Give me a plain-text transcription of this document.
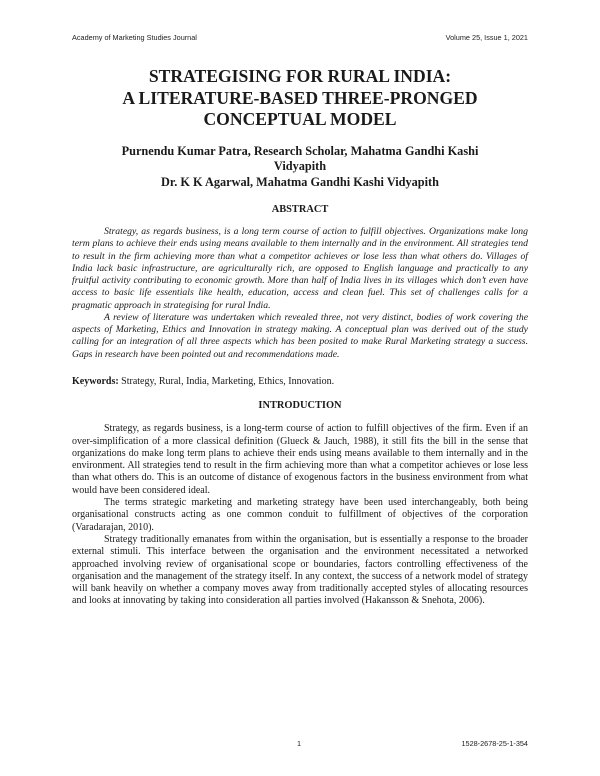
Academy of Marketing Studies Journal	Volume 25, Issue 1, 2021
STRATEGISING FOR RURAL INDIA:
A LITERATURE-BASED THREE-PRONGED
CONCEPTUAL MODEL
Purnendu Kumar Patra, Research Scholar, Mahatma Gandhi Kashi
Vidyapith
Dr. K K Agarwal, Mahatma Gandhi Kashi Vidyapith
ABSTRACT

Strategy, as regards business, is a long term course of action to fulfill objectives. Organizations make long term plans to achieve their ends using means available to them internally and in the environment. All strategies tend to result in the firm achieving more than what a competitor achieves or lose less than what others do. Villages of India lack basic infrastructure, are agriculturally rich, are opposed to English language and practically to any fruitful activity contributing to economic growth. More than half of India lives in its villages which don’t even have access to basic life essentials like health, education, access and clean fuel. This set of challenges calls for a pragmatic approach in strategising for rural India.

A review of literature was undertaken which revealed three, not very distinct, bodies of work covering the aspects of Marketing, Ethics and Innovation in strategy making. A conceptual plan was derived out of the study calling for an integration of all three aspects which has been posited to make Rural Marketing strategy a success. Gaps in research have been pointed out and recommendations made.

Keywords: Strategy, Rural, India, Marketing, Ethics, Innovation.
INTRODUCTION

Strategy, as regards business, is a long-term course of action to fulfill objectives of the firm. Even if an over-simplification of a more classical definition (Glueck & Jauch, 1988), it still fits the bill in the sense that organizations do make long term plans to achieve their ends using means available to them internally and in the environment. All strategies tend to result in the firm achieving more than what a competitor achieves or lose less than what others do. This is an outcome of distance of exogenous factors in the business environment from what would have been considered ideal.

The terms strategic marketing and marketing strategy have been used interchangeably, both being organisational constructs acting as one common conduit to fulfillment of objectives of the corporation (Varadarajan, 2010).

Strategy traditionally emanates from within the organisation, but is essentially a response to the broader external stimuli. This interface between the organisation and the environment necessitated a networked approached involving review of organisational scope or boundaries, factors controlling effectiveness of the organisation and the management of the strategy itself. In any context, the success of a network model of strategy will bank heavily on whether a company moves away from traditionally accepted styles of allocating resources and looks at innovating by taking into consideration all parties involved (Hakansson & Snehota, 2006).

1	1528-2678-25-1-354
